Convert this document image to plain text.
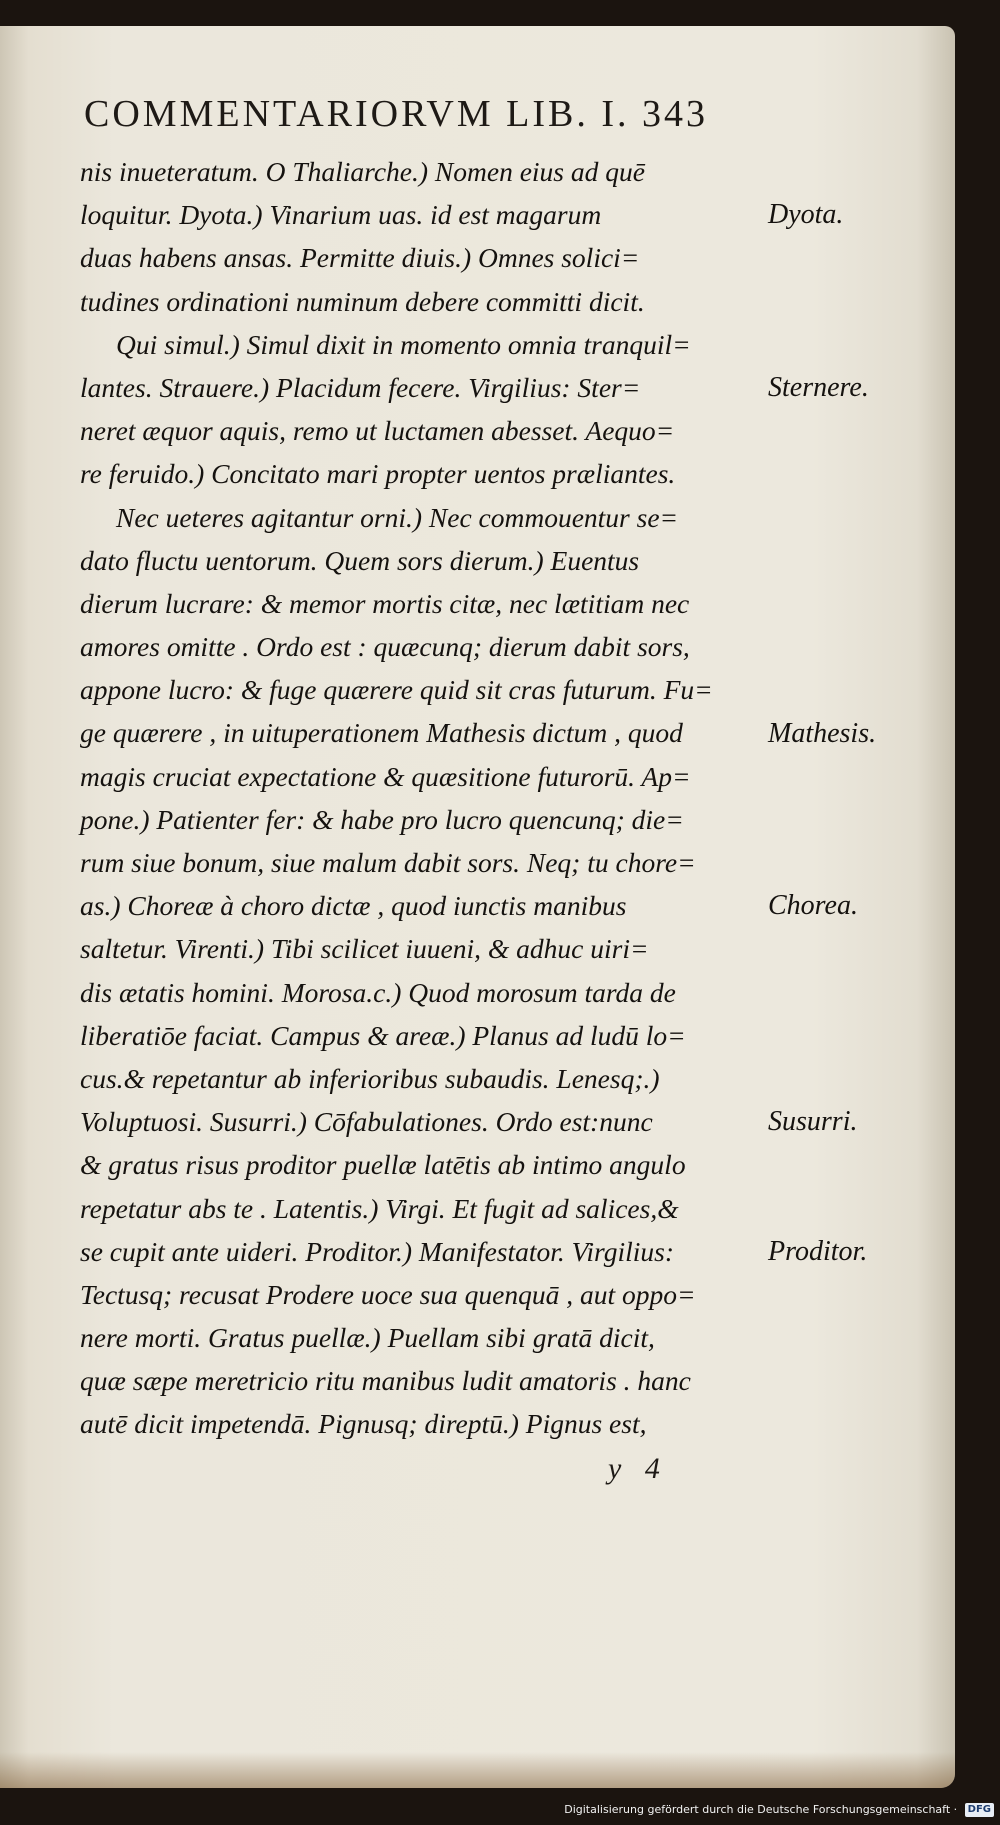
COMMENTARIORVM LIB. I. 343
nis inueteratum. O Thaliarche.) Nomen eius ad quē
loquitur. Dyota.) Vinarium uas. id est magarum
duas habens ansas. Permitte diuis.) Omnes solici=
tudines ordinationi numinum debere committi dicit.
Qui simul.) Simul dixit in momento omnia tranquil=
lantes. Strauere.) Placidum fecere. Virgilius: Ster=
neret æquor aquis, remo ut luctamen abesset. Aequo=
re feruido.) Concitato mari propter uentos præliantes.
Nec ueteres agitantur orni.) Nec commouentur se=
dato fluctu uentorum. Quem sors dierum.) Euentus
dierum lucrare: & memor mortis citæ, nec lætitiam nec
amores omitte . Ordo est : quæcunq; dierum dabit sors,
appone lucro: & fuge quærere quid sit cras futurum. Fu=
ge quærere , in uituperationem Mathesis dictum , quod
magis cruciat expectatione & quæsitione futurorū. Ap=
pone.) Patienter fer: & habe pro lucro quencunq; die=
rum siue bonum, siue malum dabit sors. Neq; tu chore=
as.) Choreæ à choro dictæ , quod iunctis manibus
saltetur. Virenti.) Tibi scilicet iuueni, & adhuc uiri=
dis ætatis homini. Morosa.c.) Quod morosum tarda de
liberatiōe faciat. Campus & areæ.) Planus ad ludū lo=
cus.& repetantur ab inferioribus subaudis. Lenesq;.)
Voluptuosi. Susurri.) Cōfabulationes. Ordo est:nunc
& gratus risus proditor puellæ latētis ab intimo angulo
repetatur abs te . Latentis.) Virgi. Et fugit ad salices,&
se cupit ante uideri. Proditor.) Manifestator. Virgilius:
Tectusq; recusat Prodere uoce sua quenquā , aut oppo=
nere morti. Gratus puellæ.) Puellam sibi gratā dicit,
quæ sæpe meretricio ritu manibus ludit amatoris . hanc
autē dicit impetendā. Pignusq; direptū.) Pignus est,
Dyota.
Sternere.
Mathesis.
Chorea.
Susurri.
Proditor.
y 4
Digitalisierung gefördert durch die Deutsche Forschungsgemeinschaft · DFG
